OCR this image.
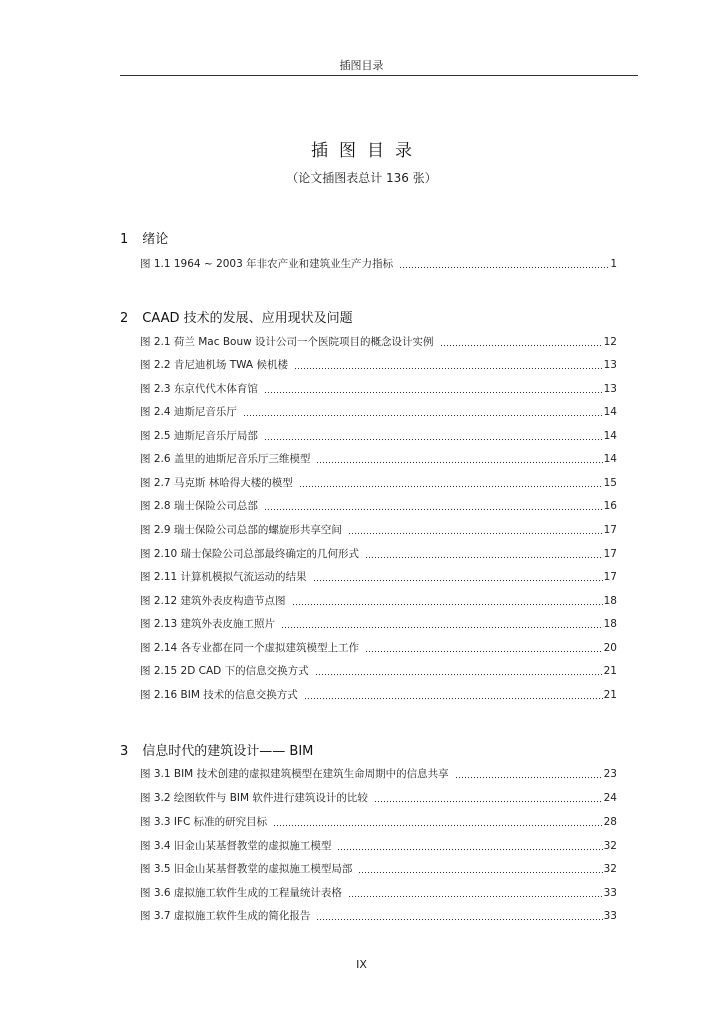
插图目录
插图目录
（论文插图表总计 136 张）
1 绪论
图 1.1 1964 ~ 2003 年非农产业和建筑业生产力指标	1
2 CAAD 技术的发展、应用现状及问题
图 2.1 荷兰 Mac Bouw 设计公司一个医院项目的概念设计实例	12
图 2.2 肯尼迪机场 TWA 候机楼	13
图 2.3 东京代代木体育馆	13
图 2.4 迪斯尼音乐厅	14
图 2.5 迪斯尼音乐厅局部	14
图 2.6 盖里的迪斯尼音乐厅三维模型	14
图 2.7 马克斯 林哈得大楼的模型	15
图 2.8 瑞士保险公司总部	16
图 2.9 瑞士保险公司总部的螺旋形共享空间	17
图 2.10 瑞士保险公司总部最终确定的几何形式	17
图 2.11 计算机模拟气流运动的结果	17
图 2.12 建筑外表皮构造节点图	18
图 2.13 建筑外表皮施工照片	18
图 2.14 各专业都在同一个虚拟建筑模型上工作	20
图 2.15 2D CAD 下的信息交换方式	21
图 2.16 BIM 技术的信息交换方式	21
3 信息时代的建筑设计—— BIM
图 3.1 BIM 技术创建的虚拟建筑模型在建筑生命周期中的信息共享	23
图 3.2 绘图软件与 BIM 软件进行建筑设计的比较	24
图 3.3 IFC 标准的研究目标	28
图 3.4 旧金山某基督教堂的虚拟施工模型	32
图 3.5 旧金山某基督教堂的虚拟施工模型局部	32
图 3.6 虚拟施工软件生成的工程量统计表格	33
图 3.7 虚拟施工软件生成的简化报告	33
IX
